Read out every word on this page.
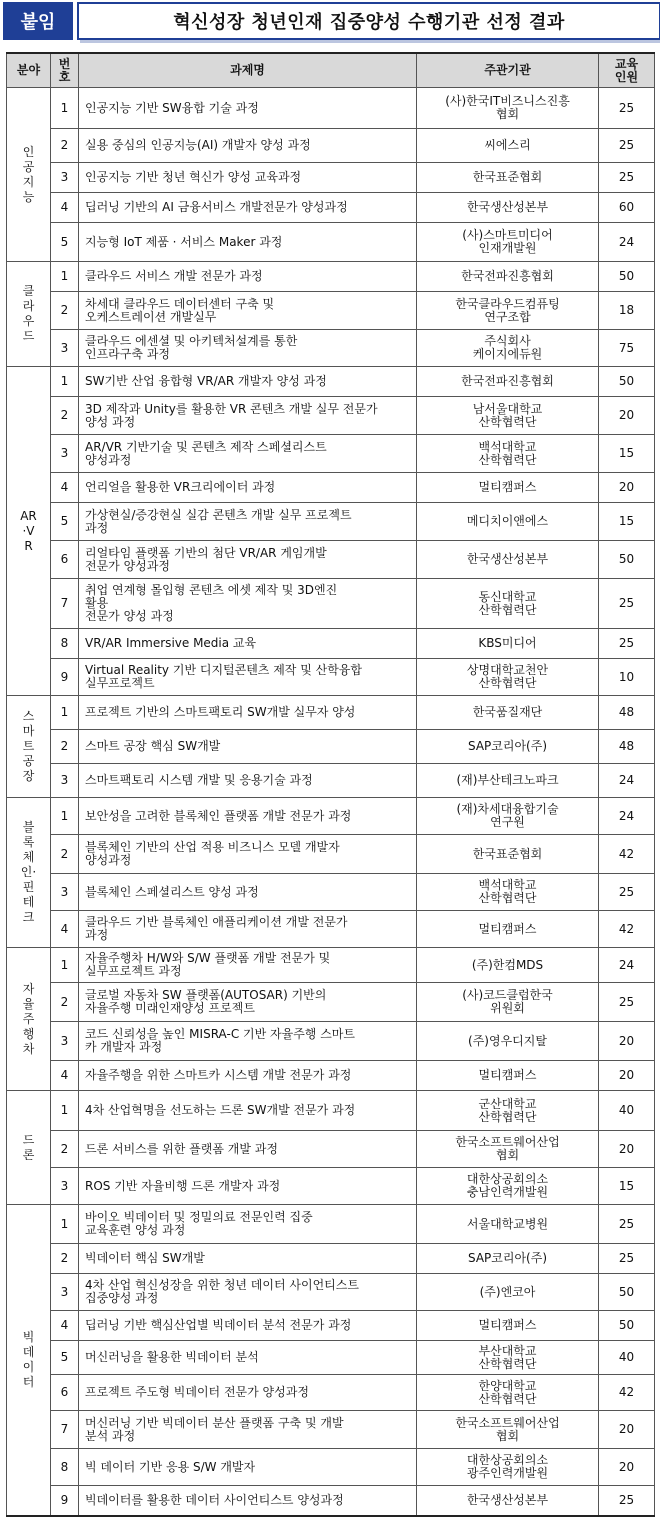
붙임	혁신성장 청년인재 집중양성 수행기관 선정 결과
분야	번
호	과제명	주관기관	교육
인원
인공지능	1	인공지능 기반 SW융합 기술 과정	(사)한국IT비즈니스진흥
협회	25
	2	실용 중심의 인공지능(AI) 개발자 양성 과정	씨에스리	25
	3	인공지능 기반 청년 혁신가 양성 교육과정	한국표준협회	25
	4	딥러닝 기반의 AI 금융서비스 개발전문가 양성과정	한국생산성본부	60
	5	지능형 IoT 제품 · 서비스 Maker 과정	(사)스마트미디어
인재개발원	24
클라우드	1	클라우드 서비스 개발 전문가 과정	한국전파진흥협회	50
	2	차세대 클라우드 데이터센터 구축 및
오케스트레이션 개발실무	한국클라우드컴퓨팅
연구조합	18
	3	클라우드 에센셜 및 아키텍처설계를 통한
인프라구축 과정	주식회사
케이지에듀원	75
AR·VR	1	SW기반 산업 융합형 VR/AR 개발자 양성 과정	한국전파진흥협회	50
	2	3D 제작과 Unity를 활용한 VR 콘텐츠 개발 실무 전문가
양성 과정	남서울대학교
산학협력단	20
	3	AR/VR 기반기술 및 콘텐츠 제작 스페셜리스트
양성과정	백석대학교
산학협력단	15
	4	언리얼을 활용한 VR크리에이터 과정	멀티캠퍼스	20
	5	가상현실/증강현실 실감 콘텐츠 개발 실무 프로젝트
과정	메디치이앤에스	15
	6	리얼타임 플랫폼 기반의 첨단 VR/AR 게임개발
전문가 양성과정	한국생산성본부	50
	7	취업 연계형 몰입형 콘텐츠 에셋 제작 및 3D엔진
활용
전문가 양성 과정	동신대학교
산학협력단	25
	8	VR/AR Immersive Media 교육	KBS미디어	25
	9	Virtual Reality 기반 디지털콘텐츠 제작 및 산학융합
실무프로젝트	상명대학교천안
산학협력단	10
스마트공장	1	프로젝트 기반의 스마트팩토리 SW개발 실무자 양성	한국품질재단	48
	2	스마트 공장 핵심 SW개발	SAP코리아(주)	48
	3	스마트팩토리 시스템 개발 및 응용기술 과정	(재)부산테크노파크	24
블록체인·핀테크	1	보안성을 고려한 블록체인 플랫폼 개발 전문가 과정	(재)차세대융합기술
연구원	24
	2	블록체인 기반의 산업 적용 비즈니스 모델 개발자
양성과정	한국표준협회	42
	3	블록체인 스페셜리스트 양성 과정	백석대학교
산학협력단	25
	4	클라우드 기반 블록체인 애플리케이션 개발 전문가
과정	멀티캠퍼스	42
자율주행차	1	자율주행차 H/W와 S/W 플랫폼 개발 전문가 및
실무프로젝트 과정	(주)한컴MDS	24
	2	글로벌 자동차 SW 플랫폼(AUTOSAR) 기반의
자율주행 미래인재양성 프로젝트	(사)코드클럽한국
위원회	25
	3	코드 신뢰성을 높인 MISRA-C 기반 자율주행 스마트
카 개발자 과정	(주)영우디지탈	20
	4	자율주행을 위한 스마트카 시스템 개발 전문가 과정	멀티캠퍼스	20
드론	1	4차 산업혁명을 선도하는 드론 SW개발 전문가 과정	군산대학교
산학협력단	40
	2	드론 서비스를 위한 플랫폼 개발 과정	한국소프트웨어산업
협회	20
	3	ROS 기반 자율비행 드론 개발자 과정	대한상공회의소
충남인력개발원	15
빅데이터	1	바이오 빅데이터 및 정밀의료 전문인력 집중
교육훈련 양성 과정	서울대학교병원	25
	2	빅데이터 핵심 SW개발	SAP코리아(주)	25
	3	4차 산업 혁신성장을 위한 청년 데이터 사이언티스트
집중양성 과정	(주)엔코아	50
	4	딥러닝 기반 핵심산업별 빅데이터 분석 전문가 과정	멀티캠퍼스	50
	5	머신러닝을 활용한 빅데이터 분석	부산대학교
산학협력단	40
	6	프로젝트 주도형 빅데이터 전문가 양성과정	한양대학교
산학협력단	42
	7	머신러닝 기반 빅데이터 분산 플랫폼 구축 및 개발
분석 과정	한국소프트웨어산업
협회	20
	8	빅 데이터 기반 응용 S/W 개발자	대한상공회의소
광주인력개발원	20
	9	빅데이터를 활용한 데이터 사이언티스트 양성과정	한국생산성본부	25
